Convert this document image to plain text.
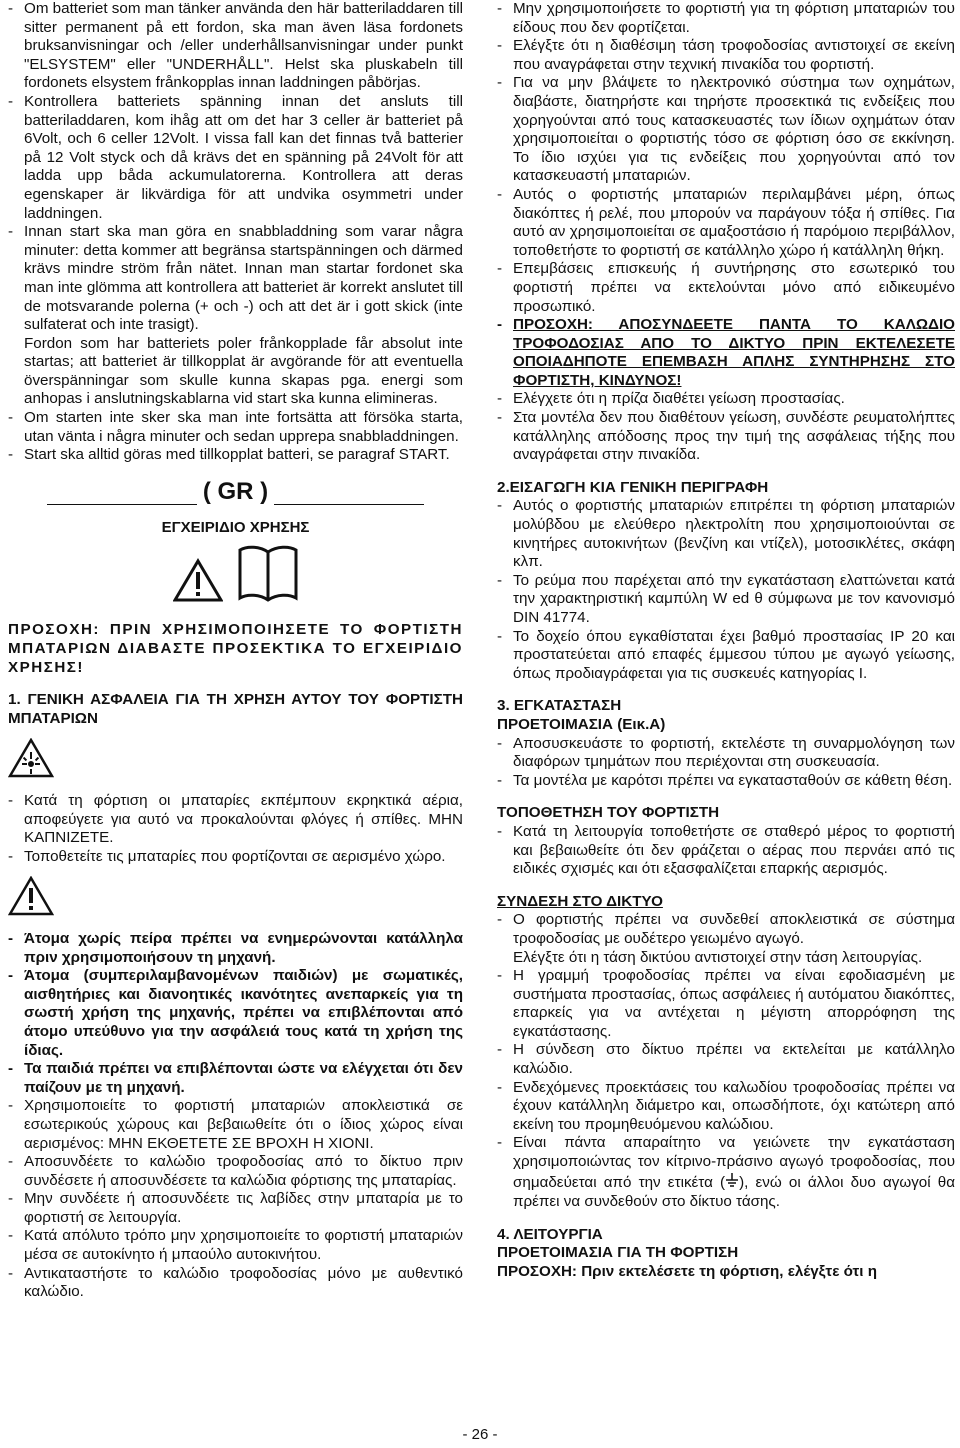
- Om batteriet som man tänker använda den här batteriladdaren till sitter permanent på ett fordon, ska man även läsa fordonets bruksanvisningar och /eller underhållsanvisningar under punkt "ELSYSTEM" eller "UNDERHÅLL". Helst ska pluskabeln till fordonets elsystem frånkopplas innan laddningen påbörjas.
- Kontrollera batteriets spänning innan det ansluts till batteriladdaren, kom ihåg att om det har 3 celler är batteriet på 6Volt, och 6 celler 12Volt. I vissa fall kan det finnas två batterier på 12 Volt styck och då krävs det en spänning på 24Volt för att ladda upp båda ackumulatorerna. Kontrollera att deras egenskaper är likvärdiga för att undvika osymmetri under laddningen.
- Innan start ska man göra en snabbladdning som varar några minuter: detta kommer att begränsa startspänningen och därmed krävs mindre ström från nätet. Innan man startar fordonet ska man inte glömma att kontrollera att batteriet är korrekt anslutet till de motsvarande polerna (+ och -) och att det är i gott skick (inte sulfaterat och inte trasigt).
Fordon som har batteriets poler frånkopplade får absolut inte startas; att batteriet är tillkopplat är avgörande för att eventuella överspänningar som skulle kunna skapas pga. energi som anhopas i anslutningskablarna vid start ska kunna elimineras.
- Om starten inte sker ska man inte fortsätta att försöka starta, utan vänta i några minuter och sedan upprepa snabbladdningen.
- Start ska alltid göras med tillkopplat batteri, se paragraf START.
( GR )
ΕΓΧΕΙΡΙΔΙΟ ΧΡΗΣΗΣ

ΠΡΟΣΟΧΗ: ΠΡΙΝ ΧΡΗΣΙΜΟΠΟΙΗΣΕΤΕ ΤΟ ΦΟΡΤΙΣΤΗ ΜΠΑΤΑΡΙΩΝ ΔΙΑΒΑΣΤΕ ΠΡΟΣΕΚΤΙΚΑ ΤΟ ΕΓΧΕΙΡΙΔΙΟ ΧΡΗΣΗΣ!

1. ΓΕΝΙΚΗ ΑΣΦΑΛΕΙΑ ΓΙΑ ΤΗ ΧΡΗΣΗ ΑΥΤΟΥ ΤΟΥ ΦΟΡΤΙΣΤΗ ΜΠΑΤΑΡΙΩΝ

- Κατά τη φόρτιση οι μπαταρίες εκπέμπουν εκρηκτικά αέρια, αποφεύγετε για αυτό να προκαλούνται φλόγες ή σπίθες. ΜΗΝ ΚΑΠΝΙΖΕΤΕ.
- Τοποθετείτε τις μπαταρίες που φορτίζονται σε αερισμένο χώρο.
- Άτομα χωρίς πείρα πρέπει να ενημερώνονται κατάλληλα πριν χρησιμοποιήσουν τη μηχανή.
- Άτομα (συμπεριλαμβανομένων παιδιών) με σωματικές, αισθητήριες και διανοητικές ικανότητες ανεπαρκείς για τη σωστή χρήση της μηχανής, πρέπει να επιβλέπονται από άτομο υπεύθυνο για την ασφάλειά τους κατά τη χρήση της ίδιας.
- Τα παιδιά πρέπει να επιβλέπονται ώστε να ελέγχεται ότι δεν παίζουν με τη μηχανή.
- Χρησιμοποιείτε το φορτιστή μπαταριών αποκλειστικά σε εσωτερικούς χώρους και βεβαιωθείτε ότι ο ίδιος χώρος είναι αερισμένος: ΜΗΝ ΕΚΘΕΤΕΤΕ ΣΕ ΒΡΟΧΗ Η ΧΙΟΝΙ.
- Αποσυνδέετε το καλώδιο τροφοδοσίας από το δίκτυο πριν συνδέσετε ή αποσυνδέσετε τα καλώδια φόρτισης της μπαταρίας.
- Μην συνδέετε ή αποσυνδέετε τις λαβίδες στην μπαταρία με το φορτιστή σε λειτουργία.
- Κατά απόλυτο τρόπο μην χρησιμοποιείτε το φορτιστή μπαταριών μέσα σε αυτοκίνητο ή μπαούλο αυτοκινήτου.
- Αντικαταστήστε το καλώδιο τροφοδοσίας μόνο με αυθεντικό καλώδιο.
- Μην χρησιμοποιήσετε το φορτιστή για τη φόρτιση μπαταριών του είδους που δεν φορτίζεται.
- Ελέγξτε ότι η διαθέσιμη τάση τροφοδοσίας αντιστοιχεί σε εκείνη που αναγράφεται στην τεχνική πινακίδα του φορτιστή.
- Για να μην βλάψετε το ηλεκτρονικό σύστημα των οχημάτων, διαβάστε, διατηρήστε και τηρήστε προσεκτικά τις ενδείξεις που χορηγούνται από τους κατασκευαστές των ίδιων οχημάτων όταν χρησιμοποιείται ο φορτιστής τόσο σε φόρτιση όσο σε εκκίνηση. Το ίδιο ισχύει για τις ενδείξεις που χορηγούνται από τον κατασκευαστή μπαταριών.
- Αυτός ο φορτιστής μπαταριών περιλαμβάνει μέρη, όπως διακόπτες ή ρελέ, που μπορούν να παράγουν τόξα ή σπίθες. Για αυτό αν χρησιμοποιείται σε αμαξοστάσιο ή παρόμοιο περιβάλλον, τοποθετήστε το φορτιστή σε κατάλληλο χώρο ή κατάλληλη θήκη.
- Επεμβάσεις επισκευής ή συντήρησης στο εσωτερικό του φορτιστή πρέπει να εκτελούνται μόνο από ειδικευμένο προσωπικό.
- ΠΡΟΣΟΧΗ: ΑΠΟΣΥΝΔΕΕΤΕ ΠΑΝΤΑ ΤΟ ΚΑΛΩΔΙΟ ΤΡΟΦΟΔΟΣΙΑΣ ΑΠΟ ΤΟ ΔΙΚΤΥΟ ΠΡΙΝ ΕΚΤΕΛΕΣΕΤΕ ΟΠΟΙΑΔΗΠΟΤΕ ΕΠΕΜΒΑΣΗ ΑΠΛΗΣ ΣΥΝΤΗΡΗΣΗΣ ΣΤΟ ΦΟΡΤΙΣΤΗ, ΚΙΝΔΥΝΟΣ!
- Ελέγχετε ότι η πρίζα διαθέτει γείωση προστασίας.
- Στα μοντέλα δεν που διαθέτουν γείωση, συνδέστε ρευματολήπτες κατάλληλης απόδοσης προς την τιμή της ασφάλειας τήξης που αναγράφεται στην πινακίδα.

2.ΕΙΣΑΓΩΓΗ ΚΙΑ ΓΕΝΙΚΗ ΠΕΡΙΓΡΑΦΗ

- Αυτός ο φορτιστής μπαταριών επιτρέπει τη φόρτιση μπαταριών μολύβδου με ελεύθερο ηλεκτρολίτη που χρησιμοποιούνται σε κινητήρες αυτοκινήτων (βενζίνη και ντίζελ), μοτοσικλέτες, σκάφη κλπ.
- Το ρεύμα που παρέχεται από την εγκατάσταση ελαττώνεται κατά την χαρακτηριστική καμπύλη W ed θ σύμφωνα με τον κανονισμό DIN 41774.
- Το δοχείο όπου εγκαθίσταται έχει βαθμό προστασίας IP 20 και προστατεύεται από επαφές έμμεσου τύπου με αγωγό γείωσης, όπως προδιαγράφεται για τις συσκευές κατηγορίας I.

3. ΕΓΚΑΤΑΣΤΑΣΗ

ΠΡΟΕΤΟΙΜΑΣΙΑ (Εικ.A)

- Αποσυσκευάστε το φορτιστή, εκτελέστε τη συναρμολόγηση των διαφόρων τμημάτων που περιέχονται στη συσκευασία.
- Τα μοντέλα με καρότσι πρέπει να εγκατασταθούν σε κάθετη θέση.

ΤΟΠΟΘΕΤΗΣΗ ΤΟΥ ΦΟΡΤΙΣΤΗ

- Κατά τη λειτουργία τοποθετήστε σε σταθερό μέρος το φορτιστή και βεβαιωθείτε ότι δεν φράζεται ο αέρας που περνάει από τις ειδικές σχισμές και ότι εξασφαλίζεται επαρκής αερισμός.

ΣΥΝΔΕΣΗ ΣΤΟ ΔΙΚΤΥΟ

- Ο φορτιστής πρέπει να συνδεθεί αποκλειστικά σε σύστημα τροφοδοσίας με ουδέτερο γειωμένο αγωγό.
Ελέγξτε ότι η τάση δικτύου αντιστοιχεί στην τάση λειτουργίας.
- Η γραμμή τροφοδοσίας πρέπει να είναι εφοδιασμένη με συστήματα προστασίας, όπως ασφάλειες ή αυτόματου διακόπτες, επαρκείς για να αντέχεται η μέγιστη απορρόφηση της εγκατάστασης.
- Η σύνδεση στο δίκτυο πρέπει να εκτελείται με κατάλληλο καλώδιο.
- Ενδεχόμενες προεκτάσεις του καλωδίου τροφοδοσίας πρέπει να έχουν κατάλληλη διάμετρο και, οπωσδήποτε, όχι κατώτερη από εκείνη του προμηθευόμενου καλώδιου.
- Είναι πάντα απαραίτητο να γειώνετε την εγκατάσταση χρησιμοποιώντας τον κίτρινο-πράσινο αγωγό τροφοδοσίας, που σημαδεύεται από την ετικέτα ( ), ενώ οι άλλοι δυο αγωγοί θα πρέπει να συνδεθούν στο δίκτυο τάσης.

4. ΛΕΙΤΟΥΡΓΙΑ

ΠΡΟΕΤΟΙΜΑΣΙΑ ΓΙΑ ΤΗ ΦΟΡΤΙΣΗ

ΠΡΟΣΟΧΗ: Πριν εκτελέσετε τη φόρτιση, ελέγξτε ότι η

- 26 -
